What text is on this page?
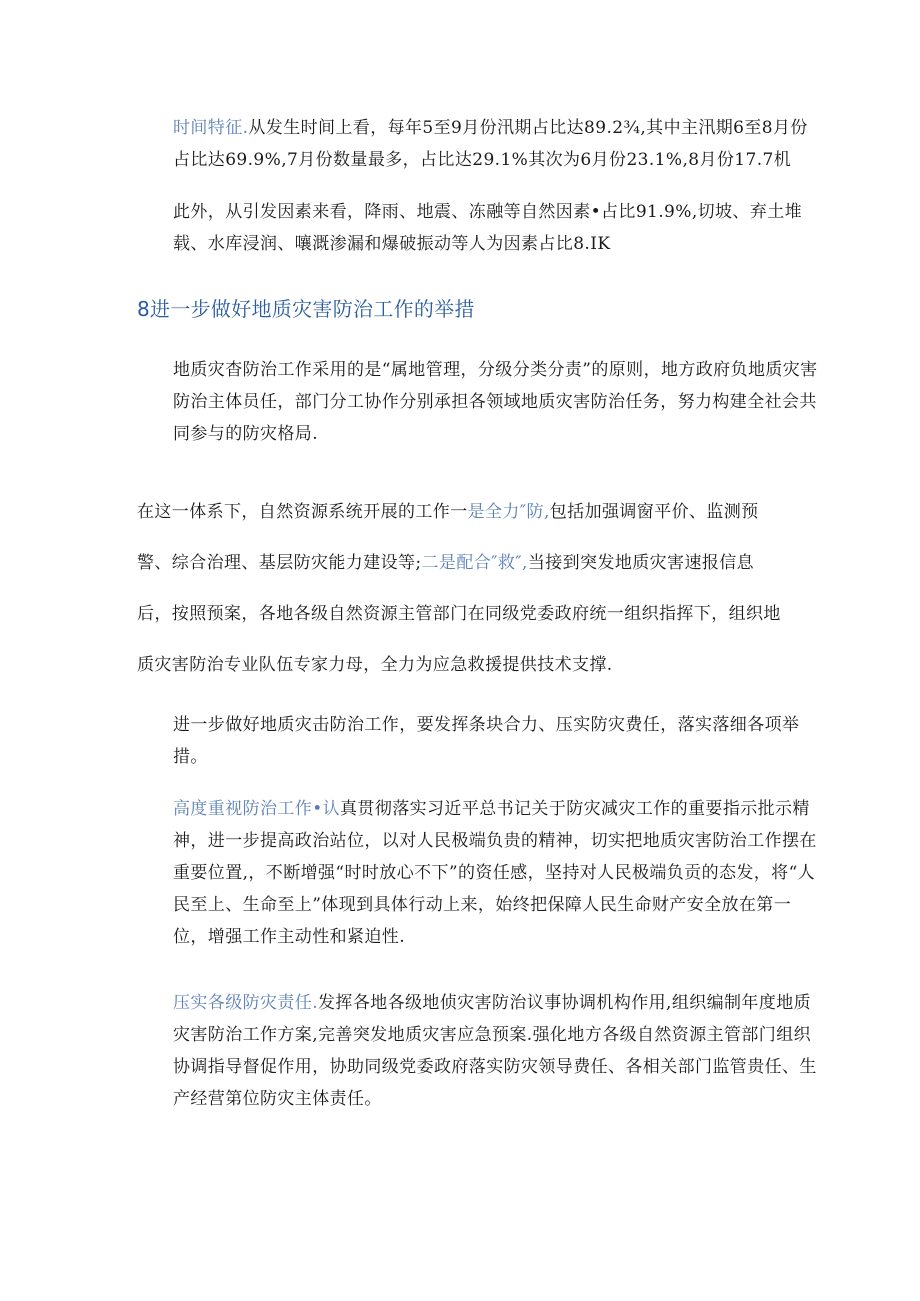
时间特征.从发生时间上看，每年5至9月份汛期占比达89.2¾,其中主汛期6至8月份占比达69.9%,7月份数量最多，占比达29.1%其次为6月份23.1%,8月份17.7机

此外，从引发因素来看，降雨、地震、冻融等自然因素•占比91.9%,切坡、弃土堆载、水库浸润、嚷溉渗漏和爆破振动等人为因素占比8.IK

8进一步做好地质灾害防治工作的举措

地质灾杳防治工作采用的是“属地管理，分级分类分责”的原则，地方政府负地质灾害防治主体员任，部门分工协作分别承担各领域地质灾害防治任务，努力构建全社会共同参与的防灾格局.

在这一体系下，自然资源系统开展的工作一是全力″防,包括加强调窗平价、监测预警、综合治理、基层防灾能力建设等;二是配合″救″,当接到突发地质灾害速报信息后，按照预案，各地各级自然资源主管部门在同级党委政府统一组织指挥下，组织地质灾害防治专业队伍专家力母，全力为应急救援提供技术支撑.

进一步做好地质灾击防治工作，要发挥条块合力、压实防灾费任，落实落细各项举措。

高度重视防治工作•认真贯彻落实习近平总书记关于防灾减灾工作的重要指示批示精神，进一步提高政治站位，以对人民极端负贵的精神，切实把地质灾害防治工作摆在重要位置,，不断增强“时时放心不下”的资任感，坚持对人民极端负贡的态发，将“人民至上、生命至上”体现到具体行动上来，始终把保障人民生命财产安全放在第一位，增强工作主动性和紧迫性.

压实各级防灾责任.发挥各地各级地侦灾害防治议事协调机构作用,组织编制年度地质灾害防治工作方案,完善突发地质灾害应急预案.强化地方各级自然资源主管部门组织协调指导督促作用，协助同级党委政府落实防灾领导费任、各相关部门监管贵任、生产经营第位防灾主体责任。
